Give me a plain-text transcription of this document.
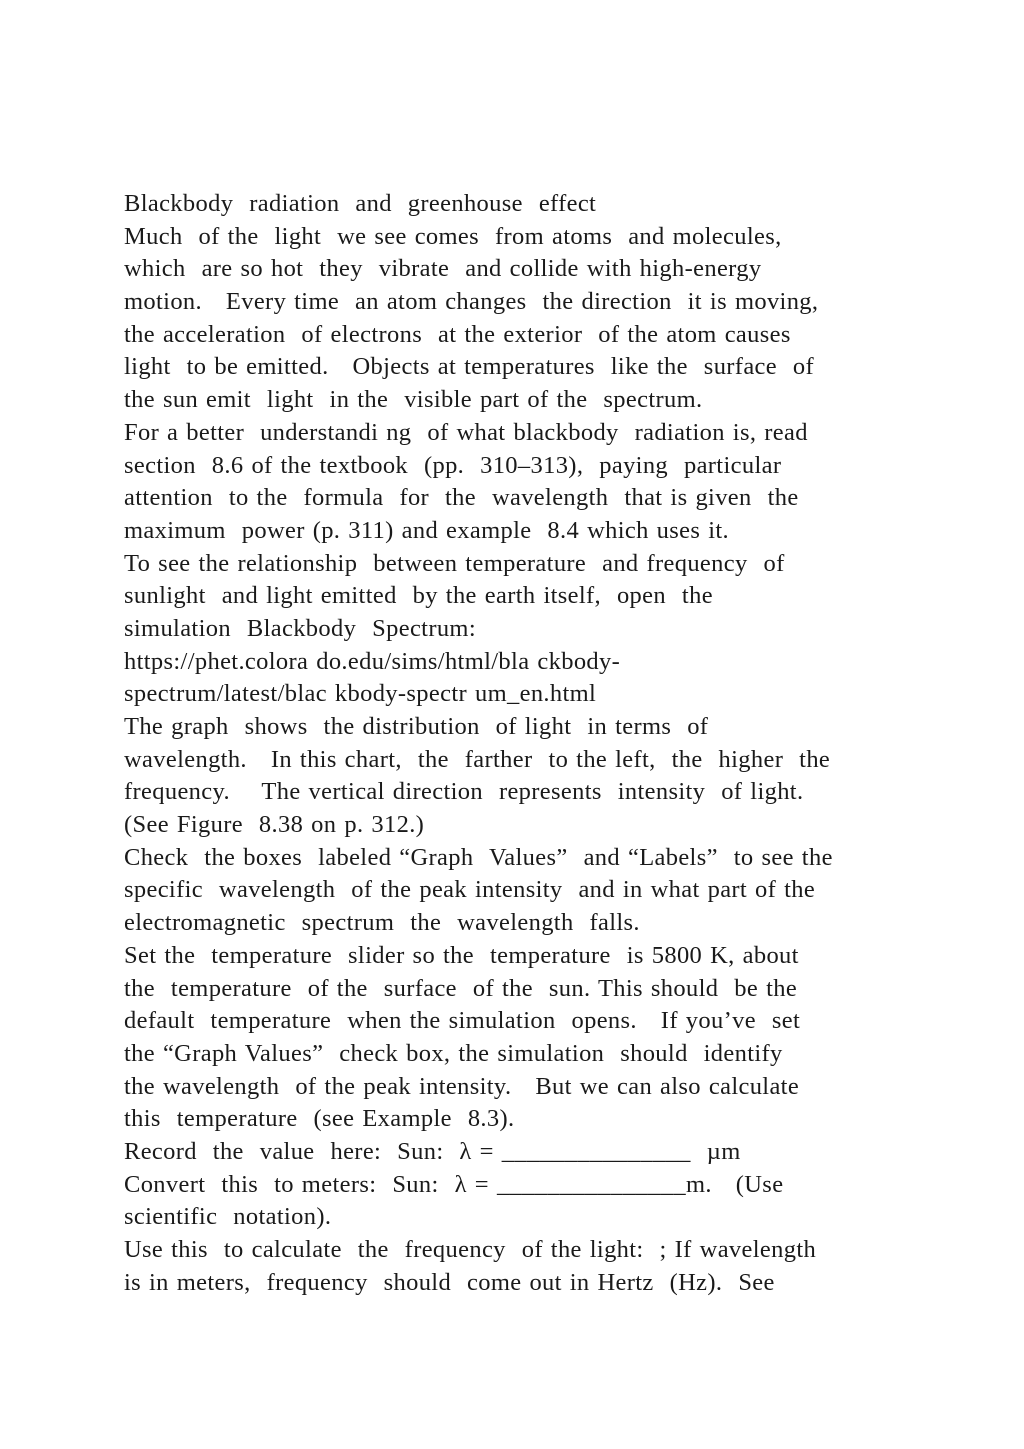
Blackbody  radiation  and  greenhouse  effect
Much  of the  light  we see comes  from atoms  and molecules,
which  are so hot  they  vibrate  and collide with high-energy
motion.   Every time  an atom changes  the direction  it is moving,
the acceleration  of electrons  at the exterior  of the atom causes
light  to be emitted.   Objects at temperatures  like the  surface  of
the sun emit  light  in the  visible part of the  spectrum.
For a better  understandi ng  of what blackbody  radiation is, read
section  8.6 of the textbook  (pp.  310–313),  paying  particular
attention  to the  formula  for  the  wavelength  that is given  the
maximum  power (p. 311) and example  8.4 which uses it.
To see the relationship  between temperature  and frequency  of
sunlight  and light emitted  by the earth itself,  open  the
simulation  Blackbody  Spectrum:
https://phet.colora do.edu/sims/html/bla ckbody-
spectrum/latest/blac kbody-spectr um_en.html
The graph  shows  the distribution  of light  in terms  of
wavelength.   In this chart,  the  farther  to the left,  the  higher  the
frequency.    The vertical direction  represents  intensity  of light.
(See Figure  8.38 on p. 312.)
Check  the boxes  labeled “Graph  Values”  and “Labels”  to see the
specific  wavelength  of the peak intensity  and in what part of the
electromagnetic  spectrum  the  wavelength  falls.
Set the  temperature  slider so the  temperature  is 5800 K, about
the  temperature  of the  surface  of the  sun. This should  be the
default  temperature  when the simulation  opens.   If you’ve  set
the “Graph Values”  check box, the simulation  should  identify
the wavelength  of the peak intensity.   But we can also calculate
this  temperature  (see Example  8.3).
Record  the  value  here:  Sun:  λ = _______________  µm
Convert  this  to meters:  Sun:  λ = _______________m.   (Use
scientific  notation).
Use this  to calculate  the  frequency  of the light:  ; If wavelength
is in meters,  frequency  should  come out in Hertz  (Hz).  See
